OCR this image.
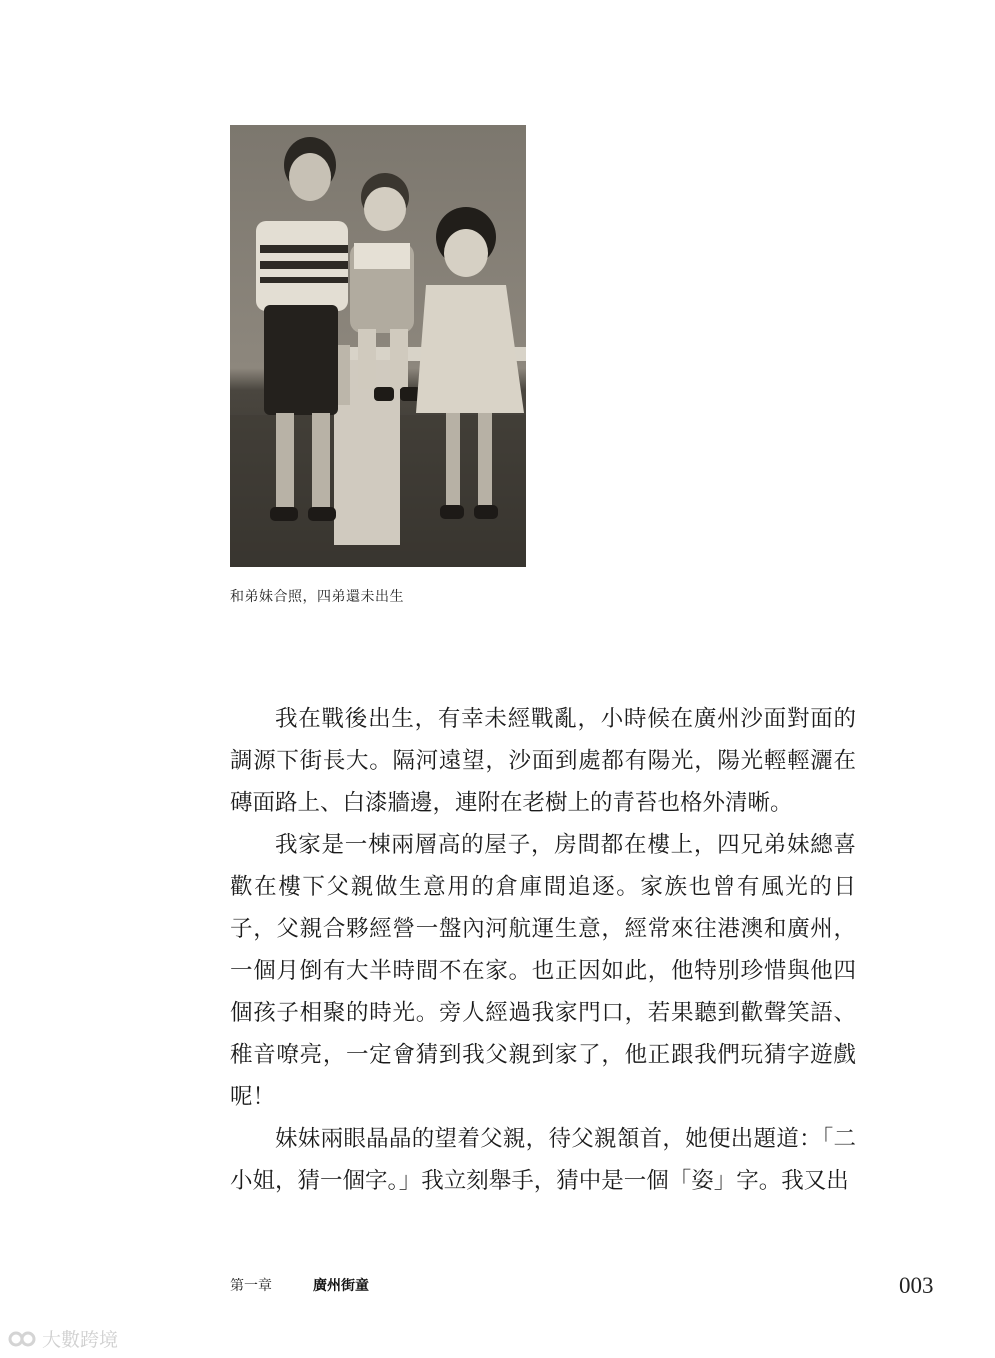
和弟妹合照，四弟還未出生

我在戰後出生，有幸未經戰亂，小時候在廣州沙面對面的調源下街長大。隔河遠望，沙面到處都有陽光，陽光輕輕灑在磚面路上、白漆牆邊，連附在老樹上的青苔也格外清晰。

我家是一棟兩層高的屋子，房間都在樓上，四兄弟妹總喜歡在樓下父親做生意用的倉庫間追逐。家族也曾有風光的日子，父親合夥經營一盤內河航運生意，經常來往港澳和廣州，一個月倒有大半時間不在家。也正因如此，他特別珍惜與他四個孩子相聚的時光。旁人經過我家門口，若果聽到歡聲笑語、稚音嘹亮，一定會猜到我父親到家了，他正跟我們玩猜字遊戲呢！

妹妹兩眼晶晶的望着父親，待父親頷首，她便出題道：「二小姐，猜一個字。」我立刻舉手，猜中是一個「姿」字。我又出

第一章	廣州街童	003
大數跨境
